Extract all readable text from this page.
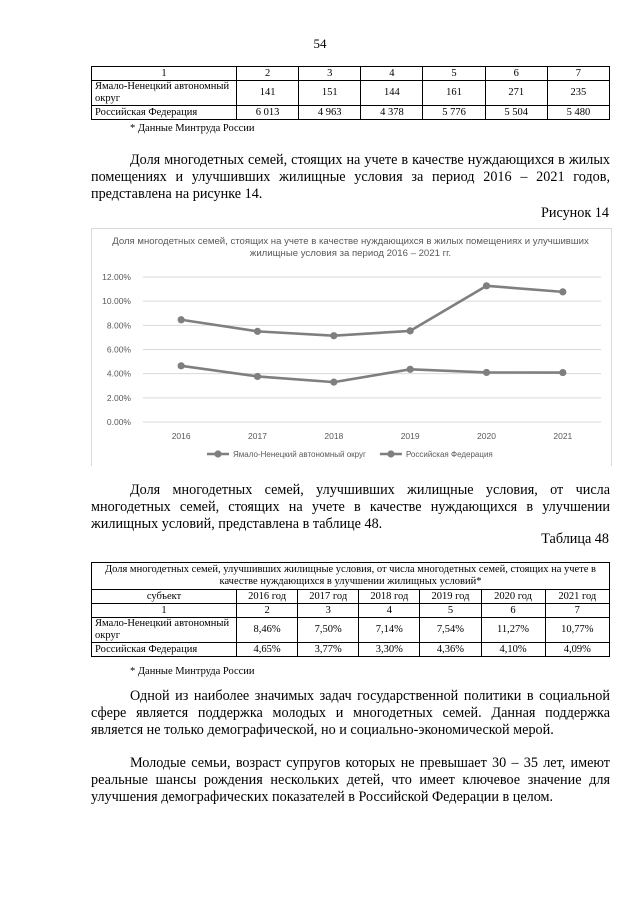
54
1	2	3	4	5	6	7
Ямало-Ненецкий автономный округ	141	151	144	161	271	235
Российская Федерация	6 013	4 963	4 378	5 776	5 504	5 480
* Данные Минтруда России

Доля многодетных семей, стоящих на учете в качестве нуждающихся в жилых помещениях и улучшивших жилищные условия за период 2016 – 2021 годов, представлена на рисунке 14.

Рисунок 14
Доля многодетных семей, стоящих на учете в качестве нуждающихся в жилых помещениях и улучшивших жилищные условия за период 2016 – 2021 гг.
0.00%
2.00%
4.00%
6.00%
8.00%
10.00%
12.00%
2016	2017	2018	2019	2020	2021
Ямало-Ненецкий автономный округ	Российская Федерация

Доля многодетных семей, улучшивших жилищные условия, от числа многодетных семей, стоящих на учете в качестве нуждающихся в улучшении жилищных условий, представлена в таблице 48.

Таблица 48
Доля многодетных семей, улучшивших жилищные условия, от числа многодетных семей, стоящих на учете в качестве нуждающихся в улучшении жилищных условий*						
субъект	2016 год	2017 год	2018 год	2019 год	2020 год	2021 год
1	2	3	4	5	6	7
Ямало-Ненецкий автономный округ	8,46%	7,50%	7,14%	7,54%	11,27%	10,77%
Российская Федерация	4,65%	3,77%	3,30%	4,36%	4,10%	4,09%
* Данные Минтруда России

Одной из наиболее значимых задач государственной политики в социальной сфере является поддержка молодых и многодетных семей. Данная поддержка является не только демографической, но и социально-экономической мерой.

Молодые семьи, возраст супругов которых не превышает 30 – 35 лет, имеют реальные шансы рождения нескольких детей, что имеет ключевое значение для улучшения демографических показателей в Российской Федерации в целом.
